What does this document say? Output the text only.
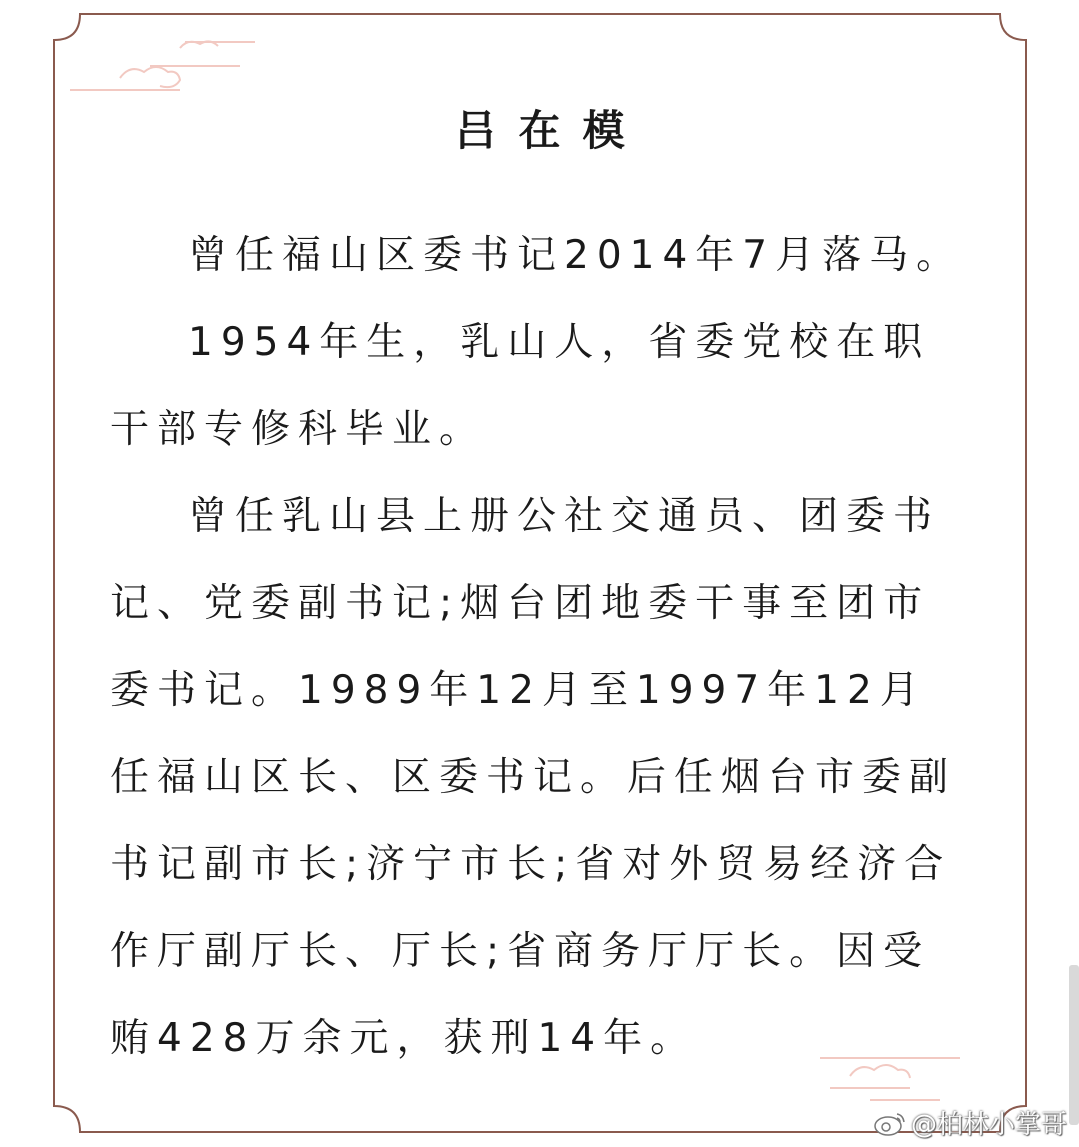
吕在模

曾任福山区委书记2014年7月落马。

1954年生，乳山人，省委党校在职干部专修科毕业。

曾任乳山县上册公社交通员、团委书记、党委副书记;烟台团地委干事至团市委书记。1989年12月至1997年12月任福山区长、区委书记。后任烟台市委副书记副市长;济宁市长;省对外贸易经济合作厅副厅长、厅长;省商务厅厅长。因受贿428万余元，获刑14年。

@柏林小掌哥
